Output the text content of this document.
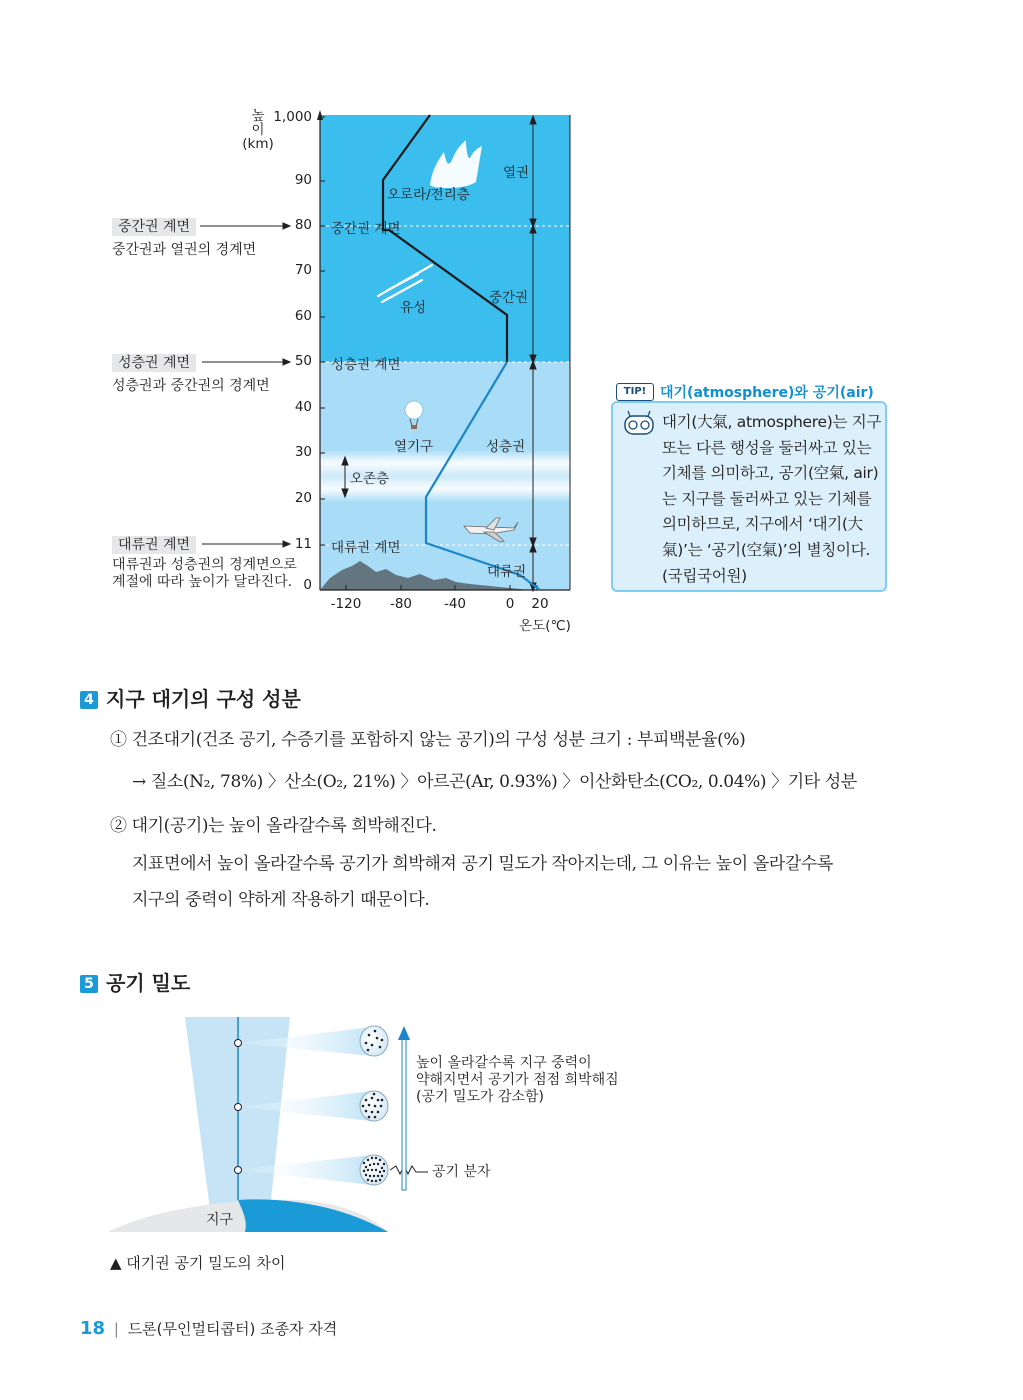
높
이
(km)
1,000
90
80
70
60
50
40
30
20
11
0
-120	-80	-40	0	20
온도(℃)
열권
중간권
성층권
대류권
중간권 계면
성층권 계면
대류권 계면
오로라/전리층
유성
열기구
오존층
중간권 계면
중간권과 열권의 경계면
성층권 계면
성층권과 중간권의 경계면
대류권 계면
대류권과 성층권의 경계면으로
계절에 따라 높이가 달라진다.
TIP! 대기(atmosphere)와 공기(air)
대기(大氣, atmosphere)는 지구 또는 다른 행성을 둘러싸고 있는 기체를 의미하고, 공기(空氣, air)는 지구를 둘러싸고 있는 기체를 의미하므로, 지구에서 ‘대기(大氣)’는 ‘공기(空氣)’의 별칭이다.(국립국어원)
4 지구 대기의 구성 성분
① 건조대기(건조 공기, 수증기를 포함하지 않는 공기)의 구성 성분 크기 : 부피백분율(%)
→ 질소(N₂, 78%) 〉산소(O₂, 21%) 〉아르곤(Ar, 0.93%) 〉이산화탄소(CO₂, 0.04%) 〉기타 성분
② 대기(공기)는 높이 올라갈수록 희박해진다.
지표면에서 높이 올라갈수록 공기가 희박해져 공기 밀도가 작아지는데, 그 이유는 높이 올라갈수록
지구의 중력이 약하게 작용하기 때문이다.
5 공기 밀도
높이 올라갈수록 지구 중력이
약해지면서 공기가 점점 희박해짐
(공기 밀도가 감소함)
공기 분자
지구
▲ 대기권 공기 밀도의 차이
18 | 드론(무인멀티콥터) 조종자 자격
